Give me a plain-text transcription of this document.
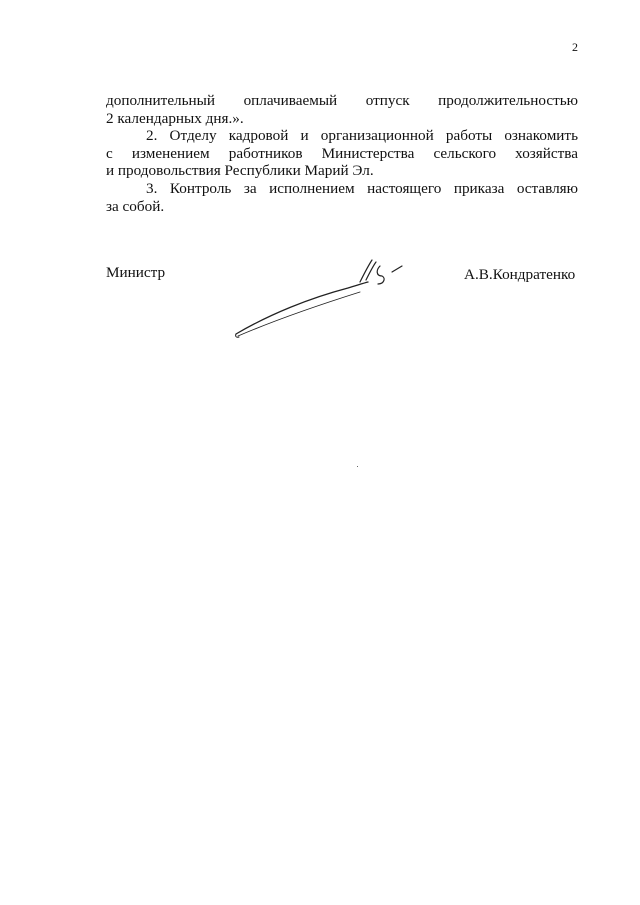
2

дополнительный оплачиваемый отпуск продолжительностью
2 календарных дня.».

2. Отделу кадровой и организационной работы ознакомить
с изменением работников Министерства сельского хозяйства
и продовольствия Республики Марий Эл.

3. Контроль за исполнением настоящего приказа оставляю
за собой.

Министр	А.В.Кондратенко
